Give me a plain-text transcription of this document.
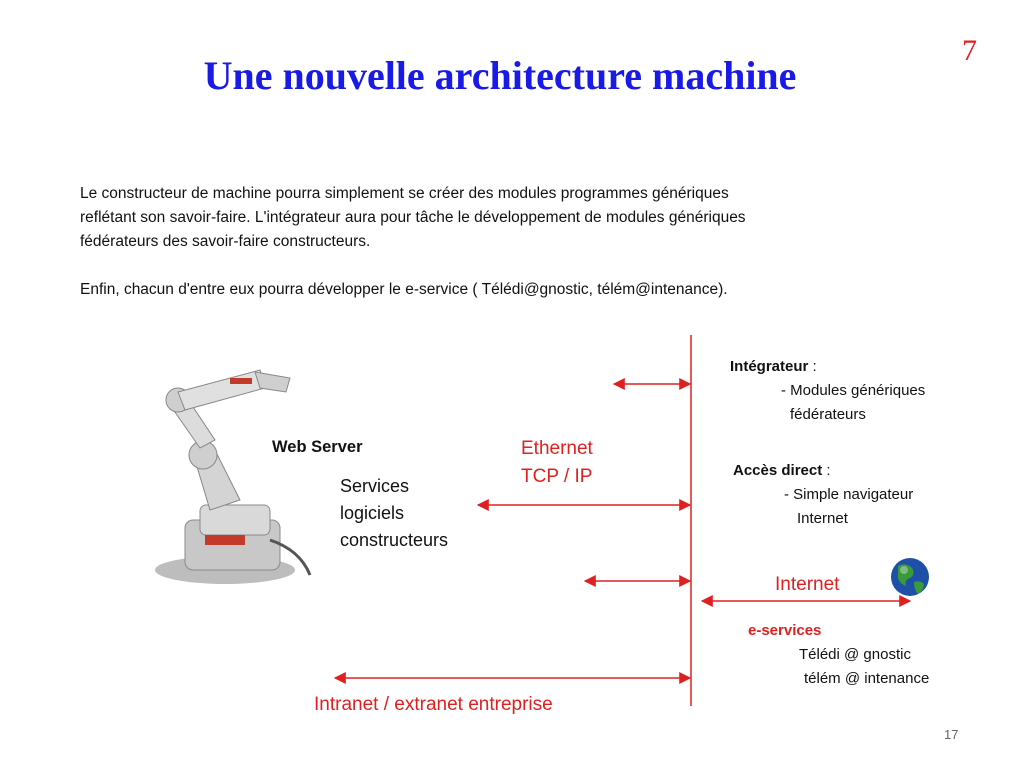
Une nouvelle architecture machine
7
Le constructeur de machine pourra simplement se créer des modules programmes génériques
reflétant son savoir-faire. L'intégrateur aura pour tâche le développement de modules génériques
fédérateurs des savoir-faire constructeurs.
Enfin, chacun d'entre eux pourra développer le e-service ( Télédi@gnostic, télém@intenance).
Web Server
Services
logiciels
constructeurs
Ethernet
TCP / IP
Internet
Intranet / extranet entreprise
Intégrateur :
- Modules génériques
fédérateurs
Accès direct :
- Simple navigateur
Internet
e-services
Télédi @ gnostic
télém @ intenance
17
